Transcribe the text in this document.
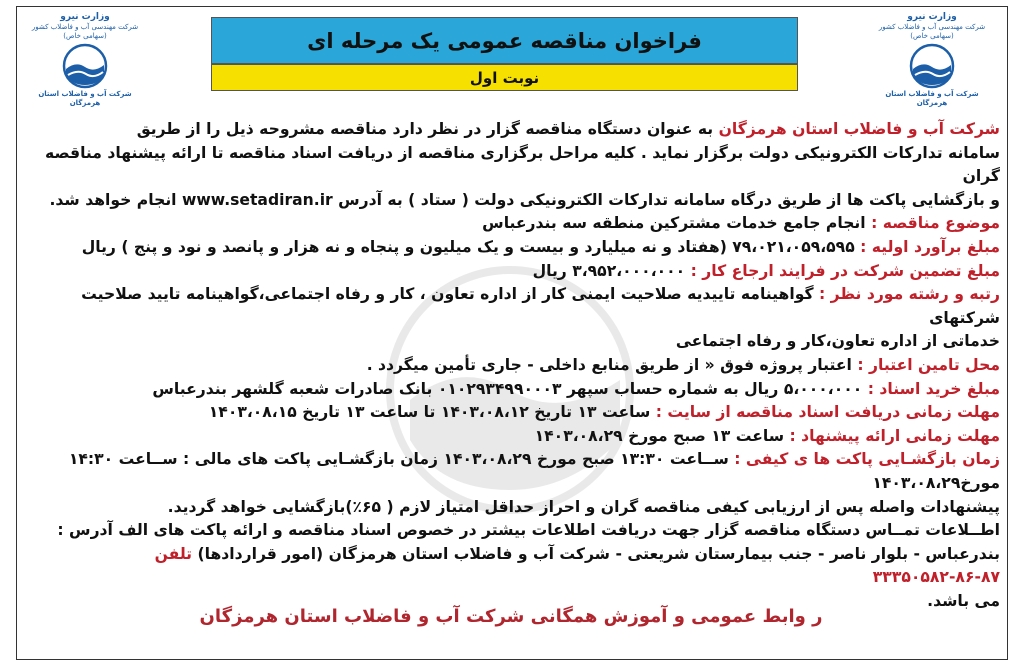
فراخوان مناقصه عمومی یک مرحله ای
نوبت اول
وزارت نیرو
شرکت مهندسی آب و فاضلاب کشور
(سهامی خاص)
شرکت آب و فاضلاب استان هرمزگان
وزارت نیرو
شرکت مهندسی آب و فاضلاب کشور
(سهامی خاص)
شرکت آب و فاضلاب استان هرمزگان

شرکت آب و فاضلاب استان هرمزگان به عنوان دستگاه مناقصه گزار در نظر دارد مناقصه مشروحه ذیل را از طریق

سامانه تدارکات الکترونیکی دولت برگزار نماید . کلیه مراحل برگزاری مناقصه از دریافت اسناد مناقصه تا ارائه پیشنهاد مناقصه گران

و بازگشایی پاکت ها از طریق درگاه سامانه تدارکات الکترونیکی دولت ( ستاد ) به آدرس www.setadiran.ir انجام خواهد شد.

موضوع مناقصه : انجام جامع خدمات مشترکین منطقه سه بندرعباس

مبلغ برآورد اولیه : ۷۹،۰۲۱،۰۵۹،۵۹۵ (هفتاد و نه میلیارد و بیست و یک میلیون و پنجاه و نه هزار و پانصد و نود و پنج ) ریال

مبلغ تضمین شرکت در فرایند ارجاع کار : ۳،۹۵۲،۰۰۰،۰۰۰ ریال

رتبه و رشته مورد نظر : گواهینامه تاییدیه صلاحیت ایمنی کار از اداره تعاون ، کار و رفاه اجتماعی،گواهینامه تایید صلاحیت شرکتهای

خدماتی از اداره تعاون،کار و رفاه اجتماعی

محل تامین اعتبار : اعتبار پروژه فوق « از طریق منابع داخلی - جاری تأمین میگردد .

مبلغ خرید اسناد : ۵،۰۰۰،۰۰۰ ریال به شماره حساب سپهر ۰۱۰۲۹۳۴۹۹۰۰۰۳ بانک صادرات شعبه گلشهر بندرعباس

مهلت زمانی دریافت اسناد مناقصه از سایت : ساعت ۱۳ تاریخ ۱۴۰۳،۰۸،۱۲ تا ساعت ۱۳ تاریخ ۱۴۰۳،۰۸،۱۵

مهلت زمانی ارائه پیشنهاد : ساعت ۱۳ صبح مورخ ۱۴۰۳،۰۸،۲۹

زمان بازگشـایی پاکت ها ی کیفی : ســاعت ۱۳:۳۰ صبح مورخ ۱۴۰۳،۰۸،۲۹ زمان بازگشـایی پاکت های مالی : ســاعت ۱۴:۳۰

مورخ۱۴۰۳،۰۸،۲۹

پیشنهادات واصله پس از ارزیابی کیفی مناقصه گران و احراز حداقل امتیاز لازم ( ۶۵٪)بازگشایی خواهد گردید.

اطــلاعات تمــاس دستگاه مناقصه گزار جهت دریافت اطلاعات بیشتر در خصوص اسناد مناقصه و ارائه پاکت های الف آدرس :

بندرعباس - بلوار ناصر - جنب بیمارستان شریعتی - شرکت آب و فاضلاب استان هرمزگان (امور قراردادها) تلفن ۸۷-۸۶-۳۳۳۵۰۵۸۲

می باشد.

ر وابط عمومی و آموزش همگانی شرکت آب و فاضلاب استان هرمزگان
